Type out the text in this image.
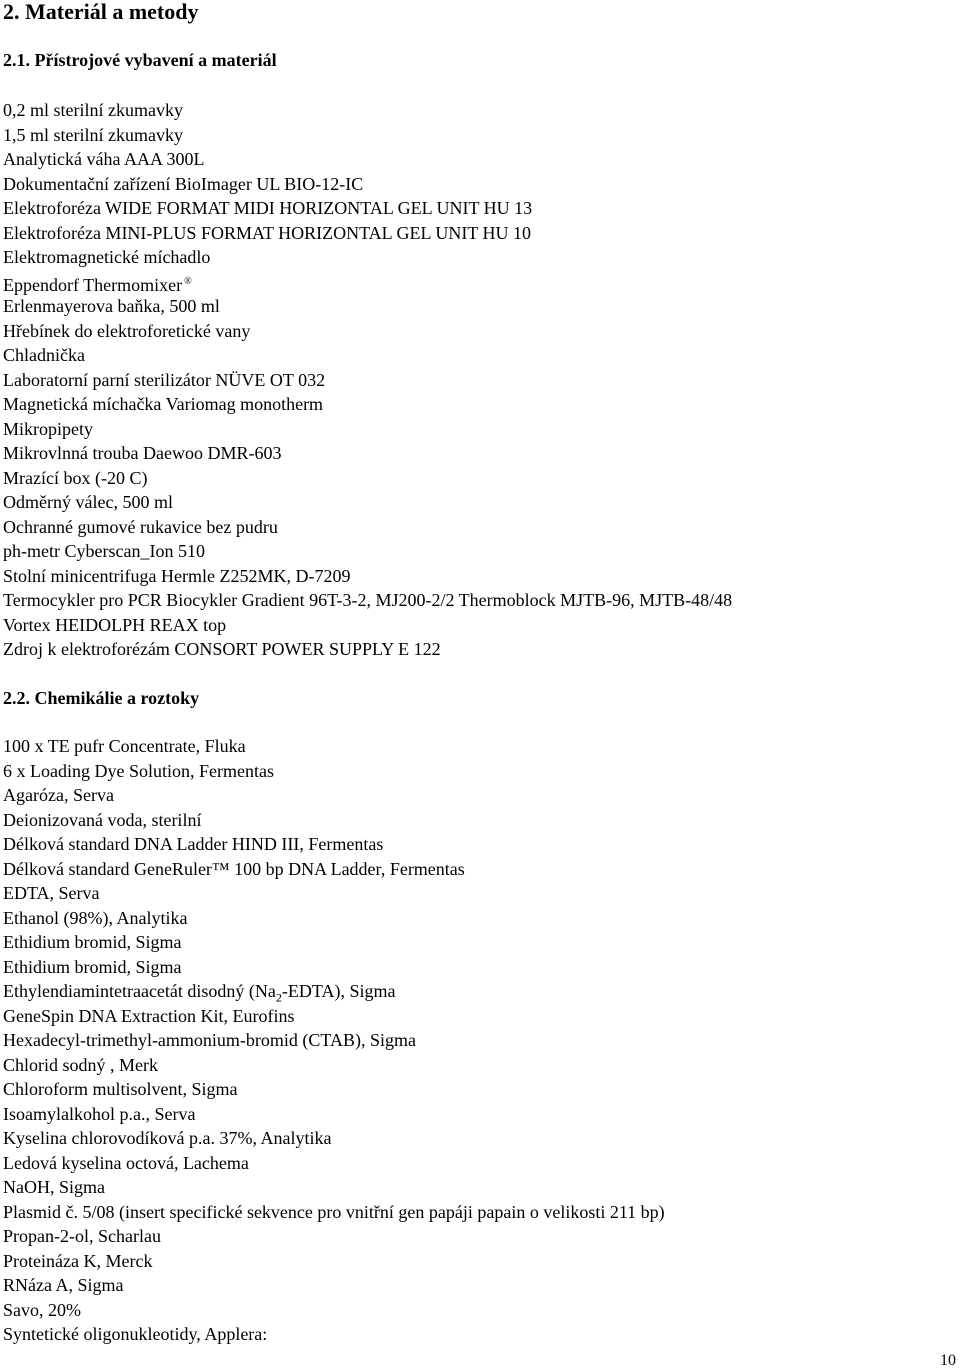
2. Materiál a metody
2.1. Přístrojové vybavení a materiál
0,2 ml sterilní zkumavky
1,5 ml sterilní zkumavky
Analytická váha AAA 300L
Dokumentační zařízení BioImager UL BIO-12-IC
Elektroforéza WIDE FORMAT MIDI HORIZONTAL GEL UNIT HU 13
Elektroforéza MINI-PLUS FORMAT HORIZONTAL GEL UNIT HU 10
Elektromagnetické míchadlo
Eppendorf Thermomixer ®
Erlenmayerova baňka, 500 ml
Hřebínek do elektroforetické vany
Chladnička
Laboratorní parní sterilizátor NÜVE OT 032
Magnetická míchačka Variomag monotherm
Mikropipety
Mikrovlnná trouba Daewoo DMR-603
Mrazící box (-20 C)
Odměrný válec, 500 ml
Ochranné gumové rukavice bez pudru
ph-metr Cyberscan_Ion 510
Stolní minicentrifuga Hermle Z252MK, D-7209
Termocykler pro PCR Biocykler Gradient 96T-3-2, MJ200-2/2 Thermoblock MJTB-96, MJTB-48/48
Vortex HEIDOLPH REAX top
Zdroj k elektroforézám CONSORT POWER SUPPLY E 122
2.2. Chemikálie a roztoky
100 x TE pufr Concentrate, Fluka
6 x Loading Dye Solution, Fermentas
Agaróza, Serva
Deionizovaná voda, sterilní
Délková standard DNA Ladder HIND III, Fermentas
Délková standard GeneRuler™ 100 bp DNA Ladder, Fermentas
EDTA, Serva
Ethanol (98%), Analytika
Ethidium bromid, Sigma
Ethidium bromid, Sigma
Ethylendiamintetraacetát disodný $(Na_2-EDTA)$, Sigma
GeneSpin DNA Extraction Kit, Eurofins
Hexadecyl-trimethyl-ammonium-bromid (CTAB), Sigma
Chlorid sodný , Merk
Chloroform multisolvent, Sigma
Isoamylalkohol p.a., Serva
Kyselina chlorovodíková p.a. 37%, Analytika
Ledová kyselina octová, Lachema
NaOH, Sigma
Plasmid č. 5/08 (insert specifické sekvence pro vnitřní gen papáji papain o velikosti 211 bp)
Propan-2-ol, Scharlau
Proteináza K, Merck
RNáza A, Sigma
Savo, 20%
Syntetické oligonukleotidy, Applera:
10
